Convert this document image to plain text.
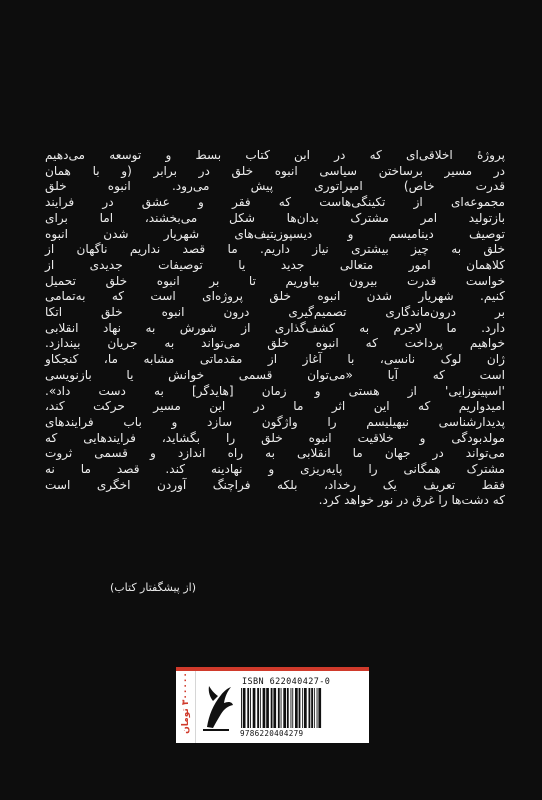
پروژهٔ اخلاقی‌ای که در این کتاب بسط و توسعه می‌دهیم
در مسیر برساختن سیاسی انبوه خلق در برابر (و با همان
قدرت خاص) امپراتوری پیش می‌رود. انبوه خلق
مجموعه‌ای از تکینگی‌هاست که فقر و عشق در فرایند
بازتولید امر مشترک بدان‌ها شکل می‌بخشند، اما برای
توصیف دینامیسم و دیسپوزیتیف‌های شهریار شدن انبوه
خلق به چیز بیشتری نیاز داریم. ما قصد نداریم ناگهان از
کلاهمان امور متعالی جدید یا توصیفات جدیدی از
خواست قدرت بیرون بیاوریم تا بر انبوه خلق تحمیل
کنیم. شهریار شدن انبوه خلق پروژه‌ای است که به‌تمامی
بر درون‌ماندگاری تصمیم‌گیری درون انبوه خلق اتکا
دارد. ما لاجرم به کشف‌گذاری از شورش به نهاد انقلابی
خواهیم پرداخت که انبوه خلق می‌تواند به جریان بیندازد.
ژان لوک نانسی، با آغاز از مقدماتی مشابه ما، کنجکاو
است که آیا «می‌توان قسمی خوانش یا بازنویسی
'اسپینوزایی' از هستی و زمان [هایدگر] به دست داد».
امیدواریم که این اثر ما در این مسیر حرکت کند،
پدیدارشناسی نیهیلیسم را واژگون سازد و باب فرایندهای
مولدبودگی و خلاقیت انبوه خلق را بگشاید، فرایندهایی که
می‌تواند در جهان ما انقلابی به راه اندازد و قسمی ثروت
مشترک همگانی را پایه‌ریزی و نهادینه کند. قصد ما نه
فقط تعریف یک رخداد، بلکه فراچنگ آوردن اخگری است
که دشت‌ها را غرق در نور خواهد کرد.
(از پیشگفتار کتاب)
۳۰۰۰۰۰ تومان	ISBN 622040427-0
9786220404279
